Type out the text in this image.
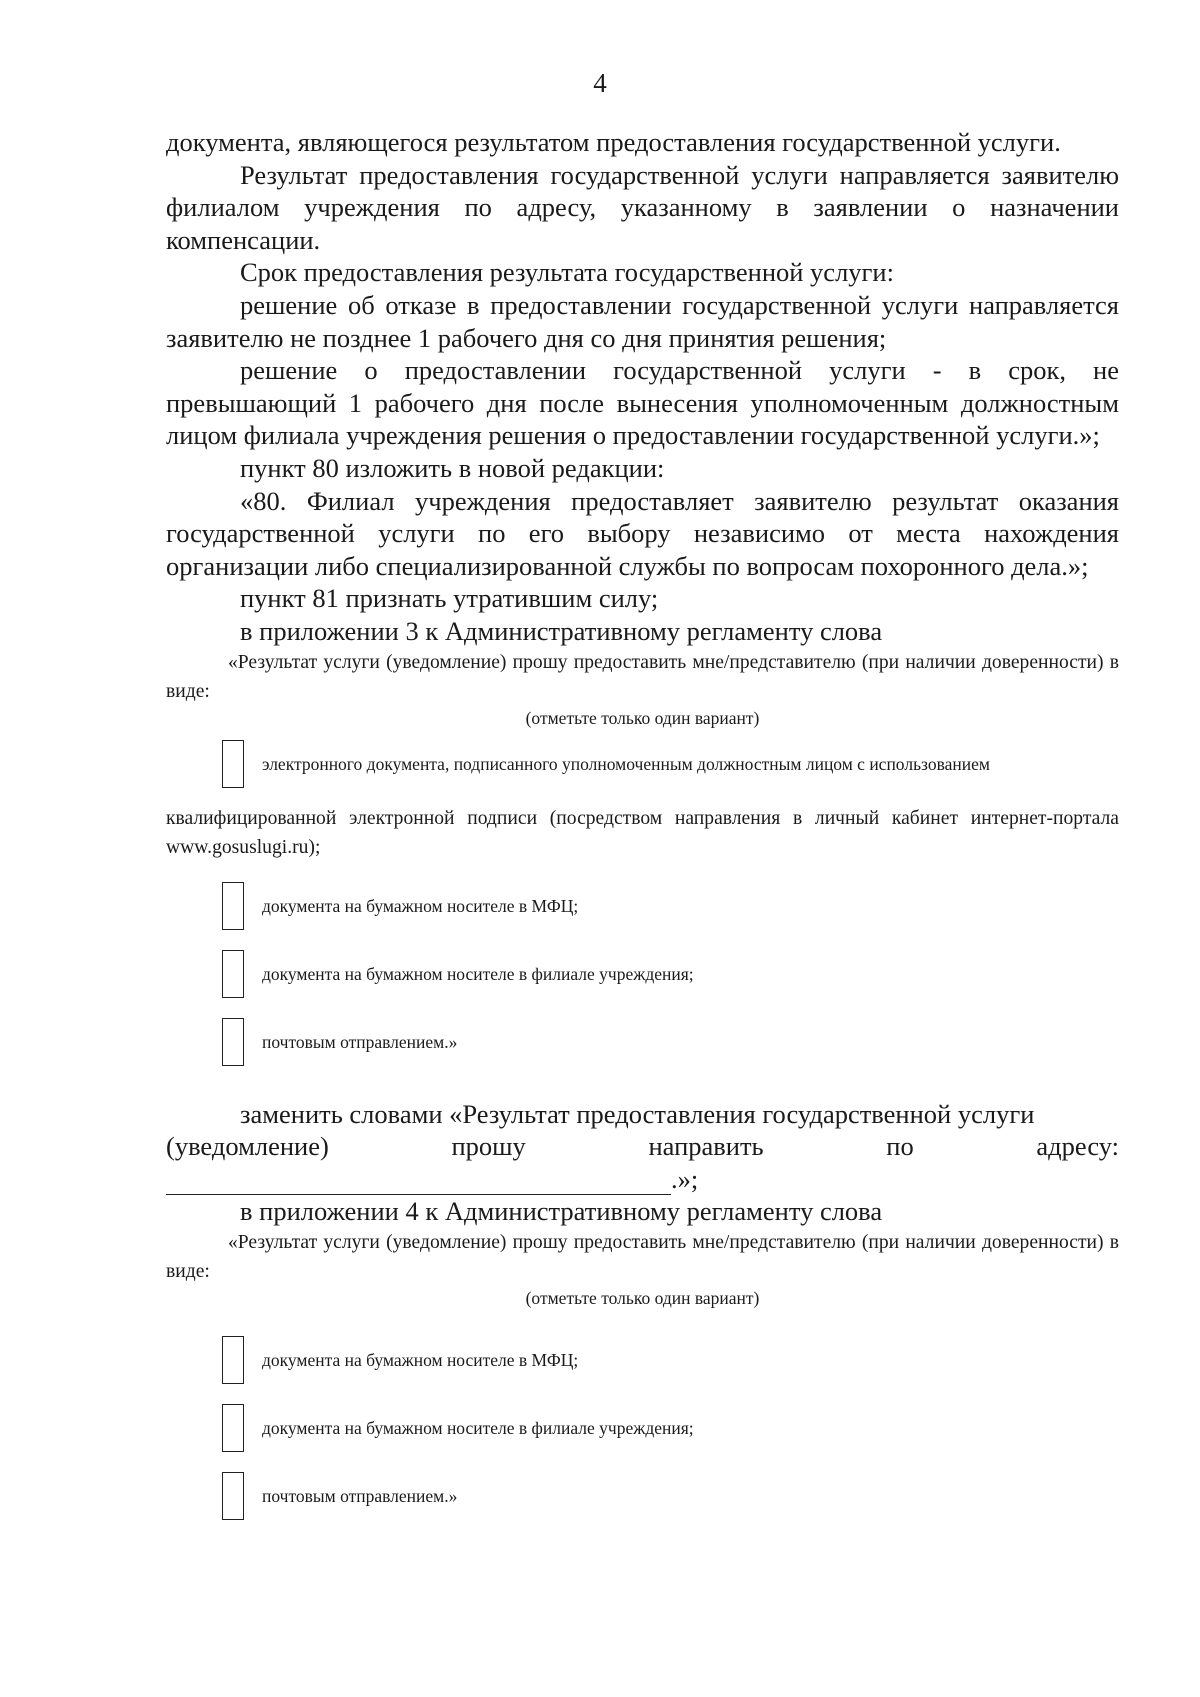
4

документа, являющегося результатом предоставления государственной услуги.

Результат предоставления государственной услуги направляется заявителю филиалом учреждения по адресу, указанному в заявлении о назначении компенсации.

Срок предоставления результата государственной услуги:

решение об отказе в предоставлении государственной услуги направляется заявителю не позднее 1 рабочего дня со дня принятия решения;

решение о предоставлении государственной услуги - в срок, не превышающий 1 рабочего дня после вынесения уполномоченным должностным лицом филиала учреждения решения о предоставлении государственной услуги.»;

пункт 80 изложить в новой редакции:

«80. Филиал учреждения предоставляет заявителю результат оказания государственной услуги по его выбору независимо от места нахождения организации либо специализированной службы по вопросам похоронного дела.»;

пункт 81 признать утратившим силу;

в приложении 3 к Административному регламенту слова

«Результат услуги (уведомление) прошу предоставить мне/представителю (при наличии доверенности) в виде:

(отметьте только один вариант)

электронного документа, подписанного уполномоченным должностным лицом с использованием

квалифицированной электронной подписи (посредством направления в личный кабинет интернет-портала www.gosuslugi.ru);

документа на бумажном носителе в МФЦ;
документа на бумажном носителе в филиале учреждения;
почтовым отправлением.»

заменить словами «Результат предоставления государственной услуги

(уведомление)	прошу	направить	по	адресу:

.»;

в приложении 4 к Административному регламенту слова

«Результат услуги (уведомление) прошу предоставить мне/представителю (при наличии доверенности) в виде:

(отметьте только один вариант)

документа на бумажном носителе в МФЦ;
документа на бумажном носителе в филиале учреждения;
почтовым отправлением.»
